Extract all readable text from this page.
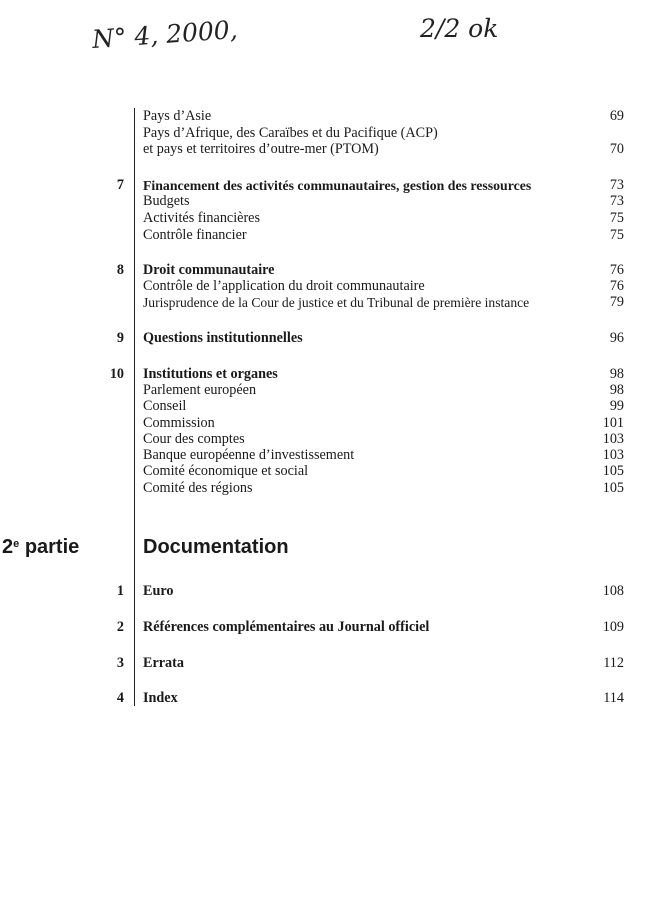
N° 4, 2000,	2/2 ok
Pays d’Asie	69
Pays d’Afrique, des Caraïbes et du Pacifique (ACP)
et pays et territoires d’outre-mer (PTOM)	70
7 Financement des activités communautaires, gestion des ressources	73
Budgets	73
Activités financières	75
Contrôle financier	75
8 Droit communautaire	76
Contrôle de l’application du droit communautaire	76
Jurisprudence de la Cour de justice et du Tribunal de première instance	79
9 Questions institutionnelles	96
10 Institutions et organes	98
Parlement européen	98
Conseil	99
Commission	101
Cour des comptes	103
Banque européenne d’investissement	103
Comité économique et social	105
Comité des régions	105
2e partie	Documentation
1 Euro	108
2 Références complémentaires au Journal officiel	109
3 Errata	112
4 Index	114
